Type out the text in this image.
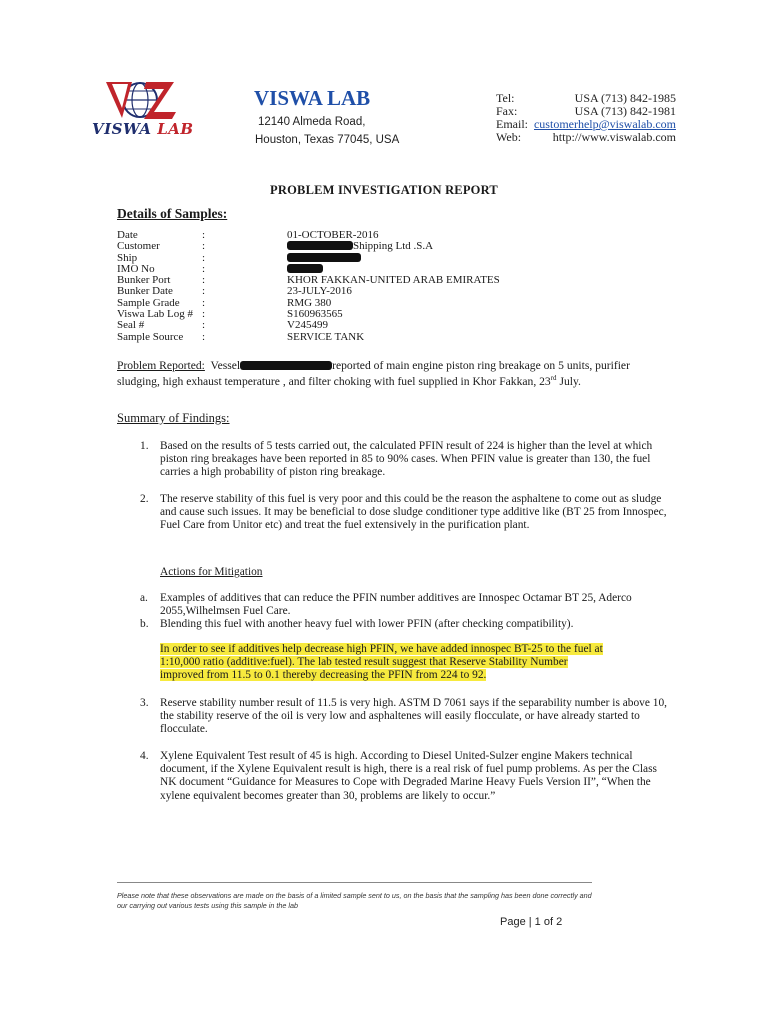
VISWA LAB
VISWA LAB
12140 Almeda Road,
Houston, Texas 77045, USA
Tel:	USA (713) 842-1985
Fax:	USA (713) 842-1981
Email: customerhelp@viswalab.com
Web:	http://www.viswalab.com
PROBLEM INVESTIGATION REPORT
Details of Samples:
Date	:	01-OCTOBER-2016
Customer	:	Shipping Ltd .S.A
Ship	:
IMO No	:
Bunker Port	:	KHOR FAKKAN-UNITED ARAB EMIRATES
Bunker Date	:	23-JULY-2016
Sample Grade :	RMG 380
Viswa Lab Log # :	S160963565
Seal #	:	V245499
Sample Source :	SERVICE TANK
Problem Reported: Vessel	reported of main engine piston ring breakage on 5 units, purifier sludging, high exhaust temperature , and filter choking with fuel supplied in Khor Fakkan, 23rd July.
Summary of Findings:
1. Based on the results of 5 tests carried out, the calculated PFIN result of 224 is higher than the level at which piston ring breakages have been reported in 85 to 90% cases. When PFIN value is greater than 130, the fuel carries a high probability of piston ring breakage.
2. The reserve stability of this fuel is very poor and this could be the reason the asphaltene to come out as sludge and cause such issues. It may be beneficial to dose sludge conditioner type additive like (BT 25 from Innospec, Fuel Care from Unitor etc) and treat the fuel extensively in the purification plant.
Actions for Mitigation
a. Examples of additives that can reduce the PFIN number additives are Innospec Octamar BT 25, Aderco 2055,Wilhelmsen Fuel Care.
b. Blending this fuel with another heavy fuel with lower PFIN (after checking compatibility).
In order to see if additives help decrease high PFIN, we have added innospec BT-25 to the fuel at
1:10,000 ratio (additive:fuel). The lab tested result suggest that Reserve Stability Number
improved from 11.5 to 0.1 thereby decreasing the PFIN from 224 to 92.
3. Reserve stability number result of 11.5 is very high. ASTM D 7061 says if the separability number is above 10, the stability reserve of the oil is very low and asphaltenes will easily flocculate, or have already started to flocculate.
4. Xylene Equivalent Test result of 45 is high. According to Diesel United-Sulzer engine Makers technical document, if the Xylene Equivalent result is high, there is a real risk of fuel pump problems. As per the Class NK document “Guidance for Measures to Cope with Degraded Marine Heavy Fuels Version II”, “When the xylene equivalent becomes greater than 30, problems are likely to occur.”
Please note that these observations are made on the basis of a limited sample sent to us, on the basis that the sampling has been done correctly and our carrying out various tests using this sample in the lab
Page | 1 of 2
